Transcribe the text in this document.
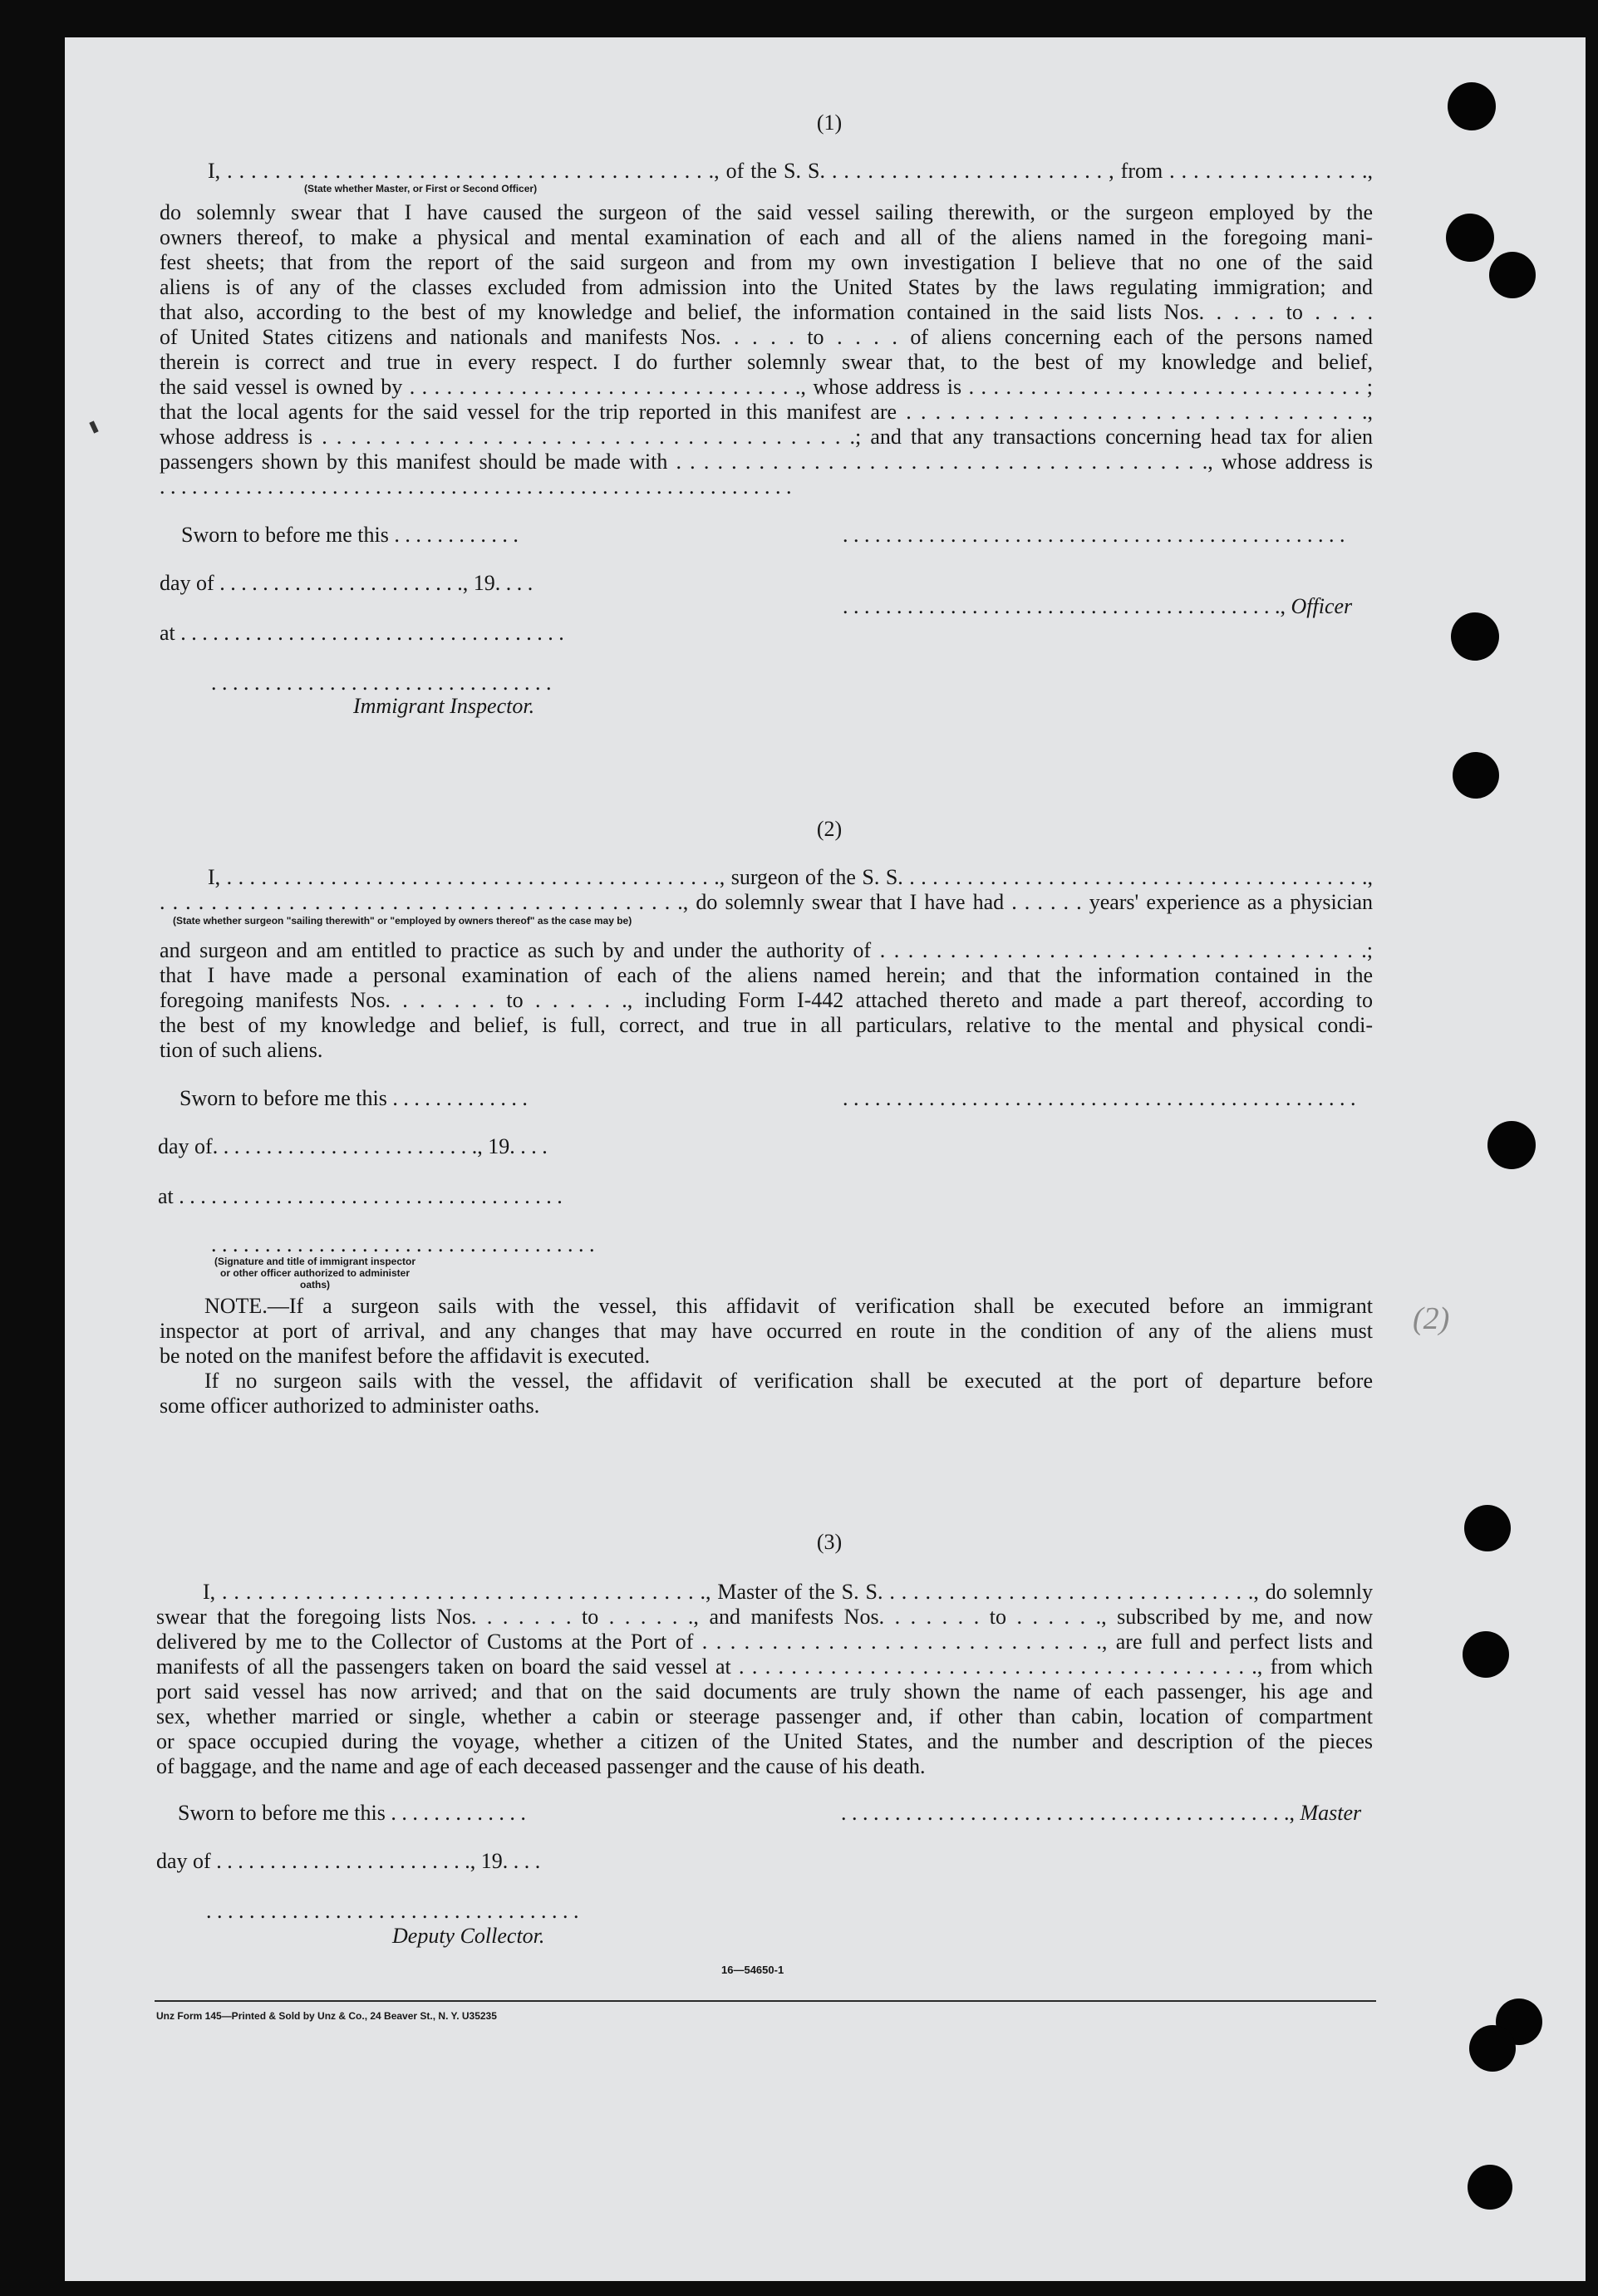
(1)
I, . . . . . . . . . . . . . . . . . . . . . . . . . . . . . . . . . . . . . . . . ., of the S. S. . . . . . . . . . . . . . . . . . . . . . . . , from . . . . . . . . . . . . . . . . .,
(State whether Master, or First or Second Officer)
do solemnly swear that I have caused the surgeon of the said vessel sailing therewith, or the surgeon employed by the
owners thereof, to make a physical and mental examination of each and all of the aliens named in the foregoing mani-
fest sheets; that from the report of the said surgeon and from my own investigation I believe that no one of the said
aliens is of any of the classes excluded from admission into the United States by the laws regulating immigration; and
that also, according to the best of my knowledge and belief, the information contained in the said lists Nos. . . . . to . . . .
of United States citizens and nationals and manifests Nos. . . . . to . . . . of aliens concerning each of the persons named
therein is correct and true in every respect. I do further solemnly swear that, to the best of my knowledge and belief,
the said vessel is owned by . . . . . . . . . . . . . . . . . . . . . . . . . . . . . . . ., whose address is . . . . . . . . . . . . . . . . . . . . . . . . . . . . . . . . ;
that the local agents for the said vessel for the trip reported in this manifest are . . . . . . . . . . . . . . . . . . . . . . . . . . . . . . . .,
whose address is . . . . . . . . . . . . . . . . . . . . . . . . . . . . . . . . . . . . .; and that any transactions concerning head tax for alien
passengers shown by this manifest should be made with . . . . . . . . . . . . . . . . . . . . . . . . . . . . . . . . . . . . . . ., whose address is
. . . . . . . . . . . . . . . . . . . . . . . . . . . . . . . . . . . . . . . . . . . . . . . . . . . . . . . . . . .
Sworn to before me this . . . . . . . . . . . .	. . . . . . . . . . . . . . . . . . . . . . . . . . . . . . . . . . . . . . . . . . . . . . .
day of . . . . . . . . . . . . . . . . . . . . . . ., 19. . . .
. . . . . . . . . . . . . . . . . . . . . . . . . . . . . . . . . . . . . . . . ., Officer
at . . . . . . . . . . . . . . . . . . . . . . . . . . . . . . . . . . . .
. . . . . . . . . . . . . . . . . . . . . . . . . . . . . . . .
Immigrant Inspector.
(2)
I, . . . . . . . . . . . . . . . . . . . . . . . . . . . . . . . . . . . . . . . . . . ., surgeon of the S. S. . . . . . . . . . . . . . . . . . . . . . . . . . . . . . . . . . . . . . . . .,
. . . . . . . . . . . . . . . . . . . . . . . . . . . . . . . . . . . . . . . . ., do solemnly swear that I have had . . . . . . years' experience as a physician
(State whether surgeon "sailing therewith" or "employed by owners thereof" as the case may be)
and surgeon and am entitled to practice as such by and under the authority of . . . . . . . . . . . . . . . . . . . . . . . . . . . . . . . . . . .;
that I have made a personal examination of each of the aliens named herein; and that the information contained in the
foregoing manifests Nos. . . . . . . to . . . . . ., including Form I-442 attached thereto and made a part thereof, according to
the best of my knowledge and belief, is full, correct, and true in all particulars, relative to the mental and physical condi-
tion of such aliens.
Sworn to before me this . . . . . . . . . . . . .	. . . . . . . . . . . . . . . . . . . . . . . . . . . . . . . . . . . . . . . . . . . . . . . .
day of. . . . . . . . . . . . . . . . . . . . . . . . ., 19. . . .
at . . . . . . . . . . . . . . . . . . . . . . . . . . . . . . . . . . . .
. . . . . . . . . . . . . . . . . . . . . . . . . . . . . . . . . . . .
(Signature and title of immigrant inspector or other officer authorized to administer oaths)
NOTE.—If a surgeon sails with the vessel, this affidavit of verification shall be executed before an immigrant
inspector at port of arrival, and any changes that may have occurred en route in the condition of any of the aliens must
be noted on the manifest before the affidavit is executed.
If no surgeon sails with the vessel, the affidavit of verification shall be executed at the port of departure before
some officer authorized to administer oaths.
(3)
I, . . . . . . . . . . . . . . . . . . . . . . . . . . . . . . . . . . . . . . . . ., Master of the S. S. . . . . . . . . . . . . . . . . . . . . . . . . . . . . . . ., do solemnly
swear that the foregoing lists Nos. . . . . . . to . . . . . ., and manifests Nos. . . . . . . to . . . . . ., subscribed by me, and now
delivered by me to the Collector of Customs at the Port of . . . . . . . . . . . . . . . . . . . . . . . . . . . . ., are full and perfect lists and
manifests of all the passengers taken on board the said vessel at . . . . . . . . . . . . . . . . . . . . . . . . . . . . . . . . . . . . . . . ., from which
port said vessel has now arrived; and that on the said documents are truly shown the name of each passenger, his age and
sex, whether married or single, whether a cabin or steerage passenger and, if other than cabin, location of compartment
or space occupied during the voyage, whether a citizen of the United States, and the number and description of the pieces
of baggage, and the name and age of each deceased passenger and the cause of his death.
Sworn to before me this . . . . . . . . . . . . .	. . . . . . . . . . . . . . . . . . . . . . . . . . . . . . . . . . . . . . . . . ., Master
day of . . . . . . . . . . . . . . . . . . . . . . . ., 19. . . .
. . . . . . . . . . . . . . . . . . . . . . . . . . . . . . . . . . .
Deputy Collector.
16—54650-1
Unz Form 145—Printed & Sold by Unz & Co., 24 Beaver St., N. Y. U35235
(2)
